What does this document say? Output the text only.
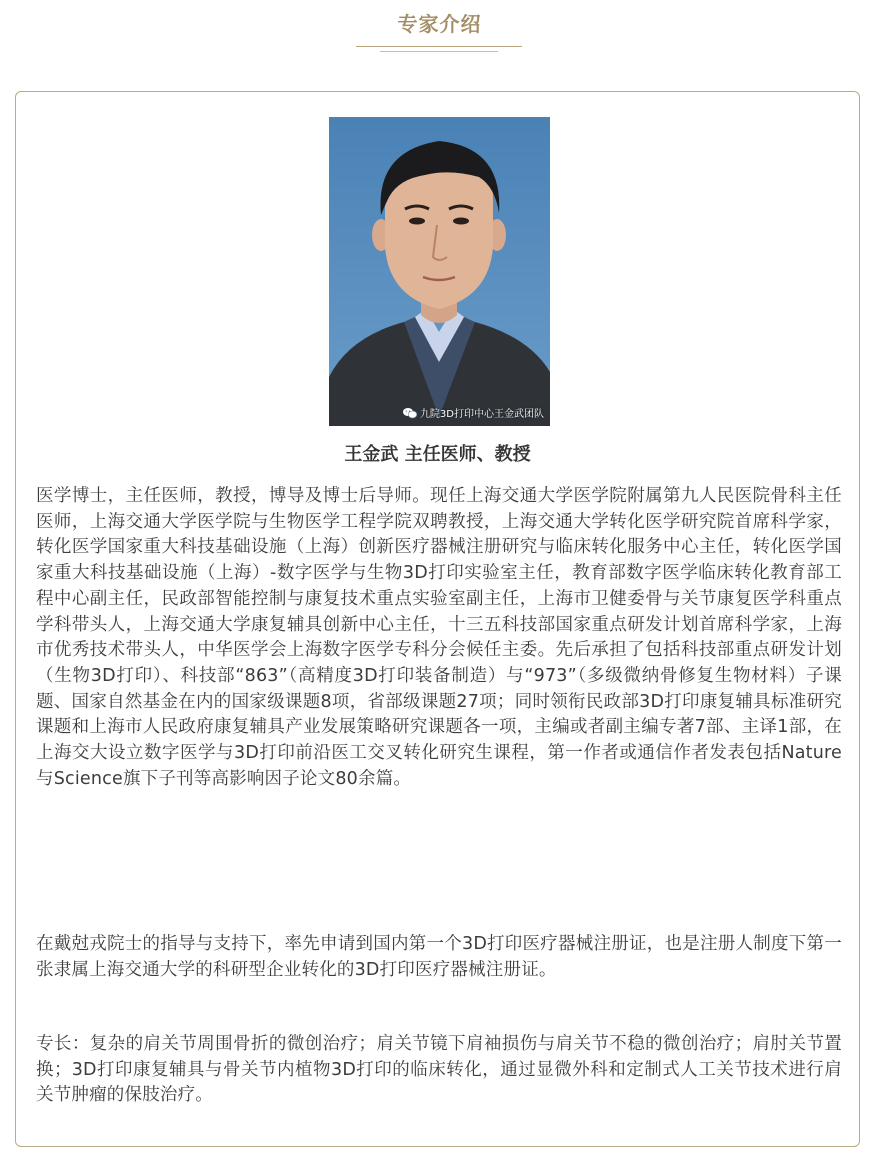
专家介绍
九院3D打印中心王金武团队
王金武 主任医师、教授

医学博士，主任医师，教授，博导及博士后导师。现任上海交通大学医学院附属第九人民医院骨科主任医师，上海交通大学医学院与生物医学工程学院双聘教授，上海交通大学转化医学研究院首席科学家，转化医学国家重大科技基础设施（上海）创新医疗器械注册研究与临床转化服务中心主任，转化医学国家重大科技基础设施（上海）-数字医学与生物3D打印实验室主任，教育部数字医学临床转化教育部工程中心副主任，民政部智能控制与康复技术重点实验室副主任，上海市卫健委骨与关节康复医学科重点学科带头人，上海交通大学康复辅具创新中心主任，十三五科技部国家重点研发计划首席科学家，上海市优秀技术带头人，中华医学会上海数字医学专科分会候任主委。先后承担了包括科技部重点研发计划（生物3D打印）、科技部“863”（高精度3D打印装备制造）与“973”（多级微纳骨修复生物材料）子课题、国家自然基金在内的国家级课题8项，省部级课题27项；同时领衔民政部3D打印康复辅具标准研究课题和上海市人民政府康复辅具产业发展策略研究课题各一项，主编或者副主编专著7部、主译1部，在上海交大设立数字医学与3D打印前沿医工交叉转化研究生课程，第一作者或通信作者发表包括Nature与Science旗下子刊等高影响因子论文80余篇。

在戴尅戎院士的指导与支持下，率先申请到国内第一个3D打印医疗器械注册证，也是注册人制度下第一张隶属上海交通大学的科研型企业转化的3D打印医疗器械注册证。

专长：复杂的肩关节周围骨折的微创治疗；肩关节镜下肩袖损伤与肩关节不稳的微创治疗；肩肘关节置换；3D打印康复辅具与骨关节内植物3D打印的临床转化，通过显微外科和定制式人工关节技术进行肩关节肿瘤的保肢治疗。
